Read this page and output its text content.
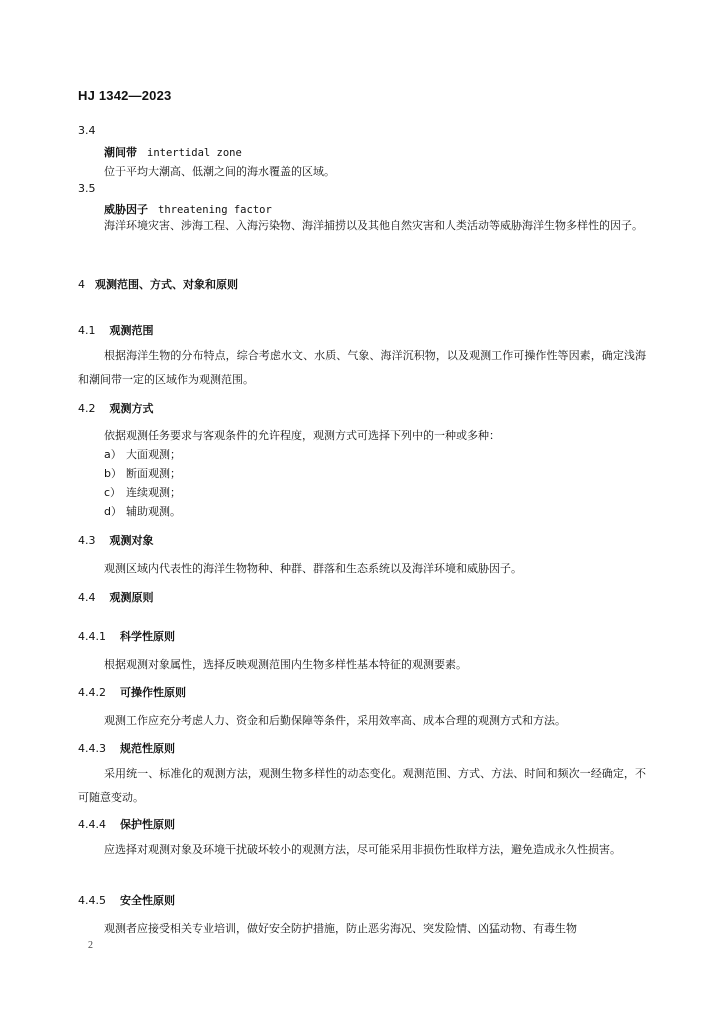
HJ 1342—2023
3.4
潮间带 intertidal zone
位于平均大潮高、低潮之间的海水覆盖的区域。
3.5
威胁因子 threatening factor
海洋环境灾害、涉海工程、入海污染物、海洋捕捞以及其他自然灾害和人类活动等威胁海洋生物多样性的因子。
4 观测范围、方式、对象和原则
4.1 观测范围
根据海洋生物的分布特点，综合考虑水文、水质、气象、海洋沉积物，以及观测工作可操作性等因素，确定浅海和潮间带一定的区域作为观测范围。
4.2 观测方式
依据观测任务要求与客观条件的允许程度，观测方式可选择下列中的一种或多种：
a） 大面观测；
b） 断面观测；
c） 连续观测；
d） 辅助观测。
4.3 观测对象
观测区域内代表性的海洋生物物种、种群、群落和生态系统以及海洋环境和威胁因子。
4.4 观测原则
4.4.1 科学性原则
根据观测对象属性，选择反映观测范围内生物多样性基本特征的观测要素。
4.4.2 可操作性原则
观测工作应充分考虑人力、资金和后勤保障等条件，采用效率高、成本合理的观测方式和方法。
4.4.3 规范性原则
采用统一、标准化的观测方法，观测生物多样性的动态变化。观测范围、方式、方法、时间和频次一经确定，不可随意变动。
4.4.4 保护性原则
应选择对观测对象及环境干扰破坏较小的观测方法，尽可能采用非损伤性取样方法，避免造成永久性损害。
4.4.5 安全性原则
观测者应接受相关专业培训，做好安全防护措施，防止恶劣海况、突发险情、凶猛动物、有毒生物
2
